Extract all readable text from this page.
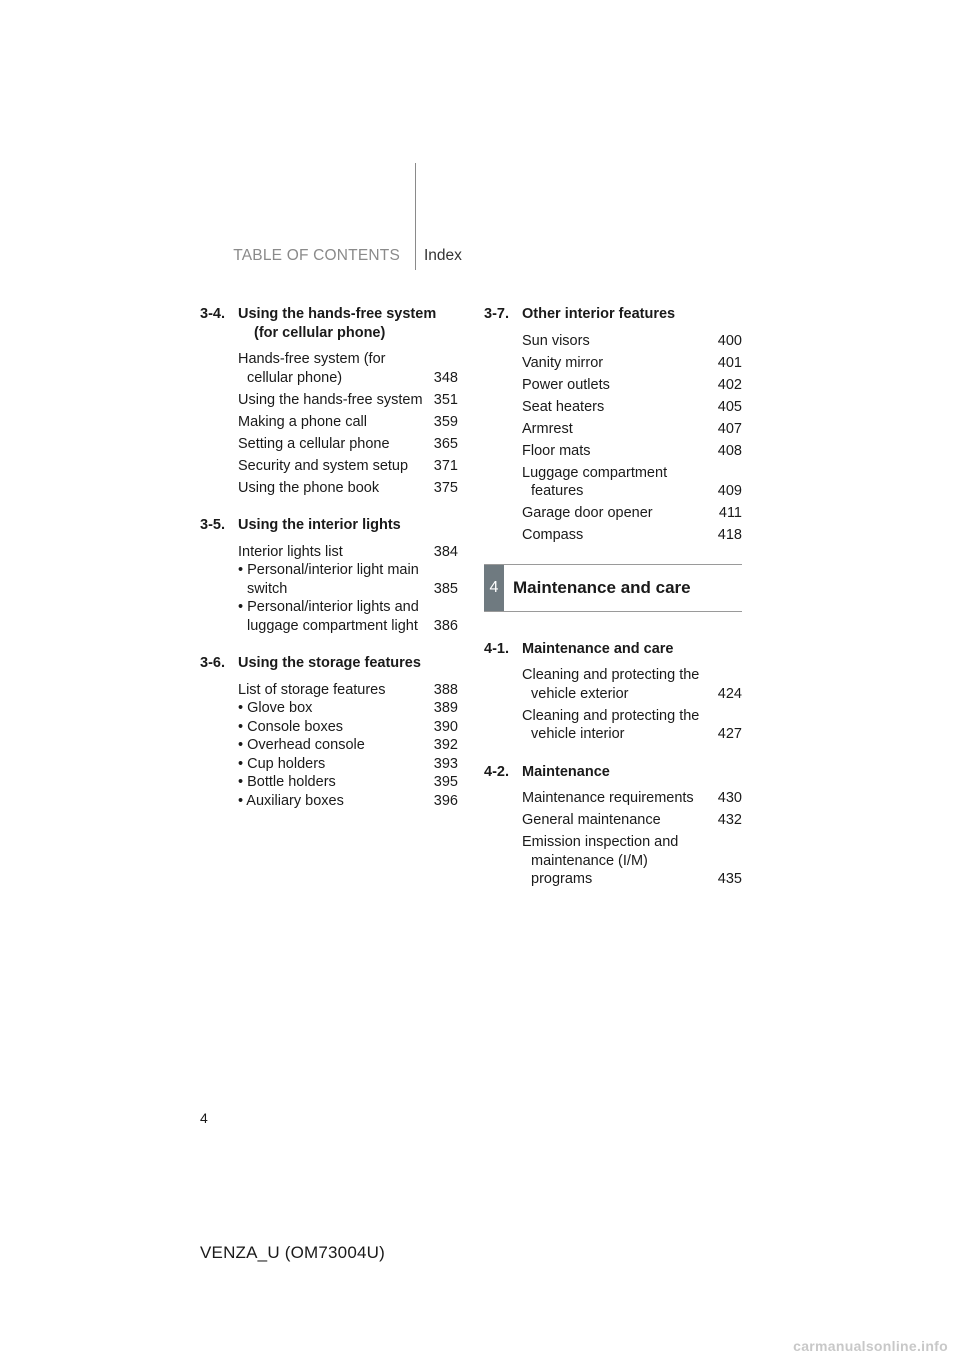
TABLE OF CONTENTS Index
3-4. Using the hands-free system (for cellular phone)
Hands-free system (for cellular phone)	348
Using the hands-free system 351
Making a phone call	359
Setting a cellular phone	365
Security and system setup	371
Using the phone book	375
3-5. Using the interior lights
Interior lights list	384
• Personal/interior light main switch	385
• Personal/interior lights and luggage compartment light	386
3-6. Using the storage features
List of storage features	388
• Glove box	389
• Console boxes	390
• Overhead console	392
• Cup holders	393
• Bottle holders	395
• Auxiliary boxes	396
3-7. Other interior features
Sun visors	400
Vanity mirror	401
Power outlets	402
Seat heaters	405
Armrest	407
Floor mats	408
Luggage compartment features	409
Garage door opener	411
Compass	418
4 Maintenance and care
4-1. Maintenance and care
Cleaning and protecting the vehicle exterior	424
Cleaning and protecting the vehicle interior	427
4-2. Maintenance
Maintenance requirements	430
General maintenance	432
Emission inspection and maintenance (I/M) programs	435
4
VENZA_U (OM73004U)
carmanualsonline.info
